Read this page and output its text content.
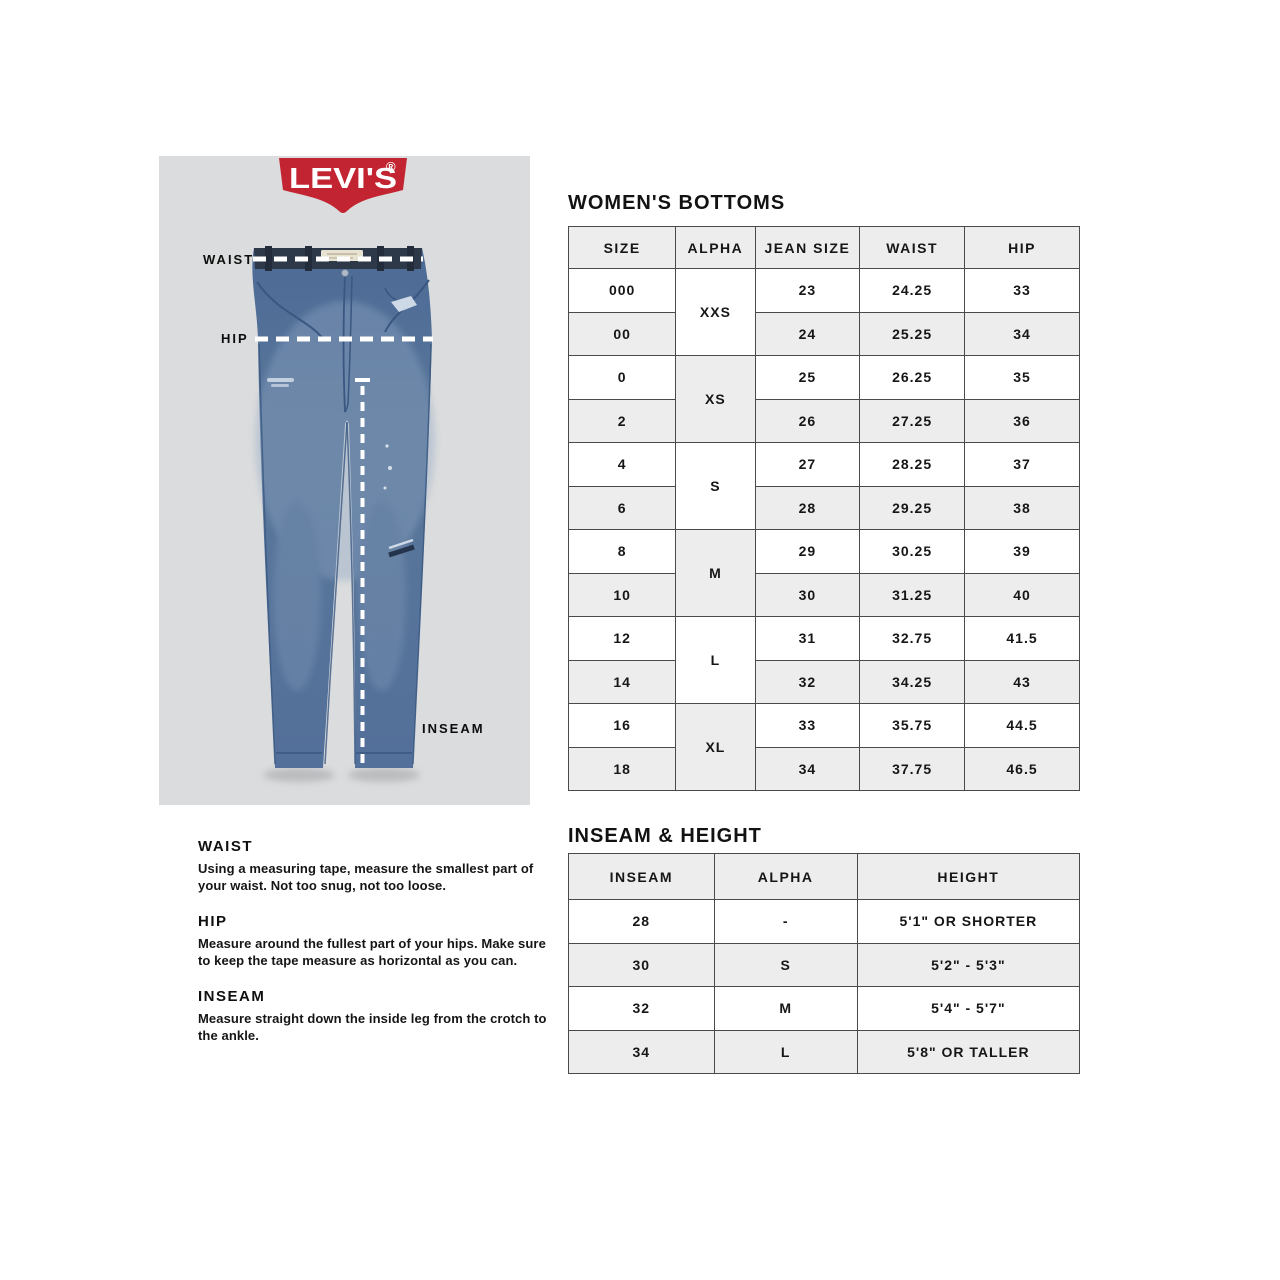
LEVI'S
®
WAIST
HIP
INSEAM
WOMEN'S BOTTOMS
SIZE	ALPHA	JEAN SIZE	WAIST	HIP
000	XXS	23	24.25	33
00		24	25.25	34
0	XS	25	26.25	35
2		26	27.25	36
4	S	27	28.25	37
6		28	29.25	38
8	M	29	30.25	39
10		30	31.25	40
12	L	31	32.75	41.5
14		32	34.25	43
16	XL	33	35.75	44.5
18		34	37.75	46.5
WAIST

Using a measuring tape, measure the smallest part of your waist. Not too snug, not too loose.

HIP

Measure around the fullest part of your hips. Make sure to keep the tape measure as horizontal as you can.

INSEAM

Measure straight down the inside leg from the crotch to the ankle.

INSEAM & HEIGHT
INSEAM	ALPHA	HEIGHT
28	-	5'1" OR SHORTER
30	S	5'2" - 5'3"
32	M	5'4" - 5'7"
34	L	5'8" OR TALLER
